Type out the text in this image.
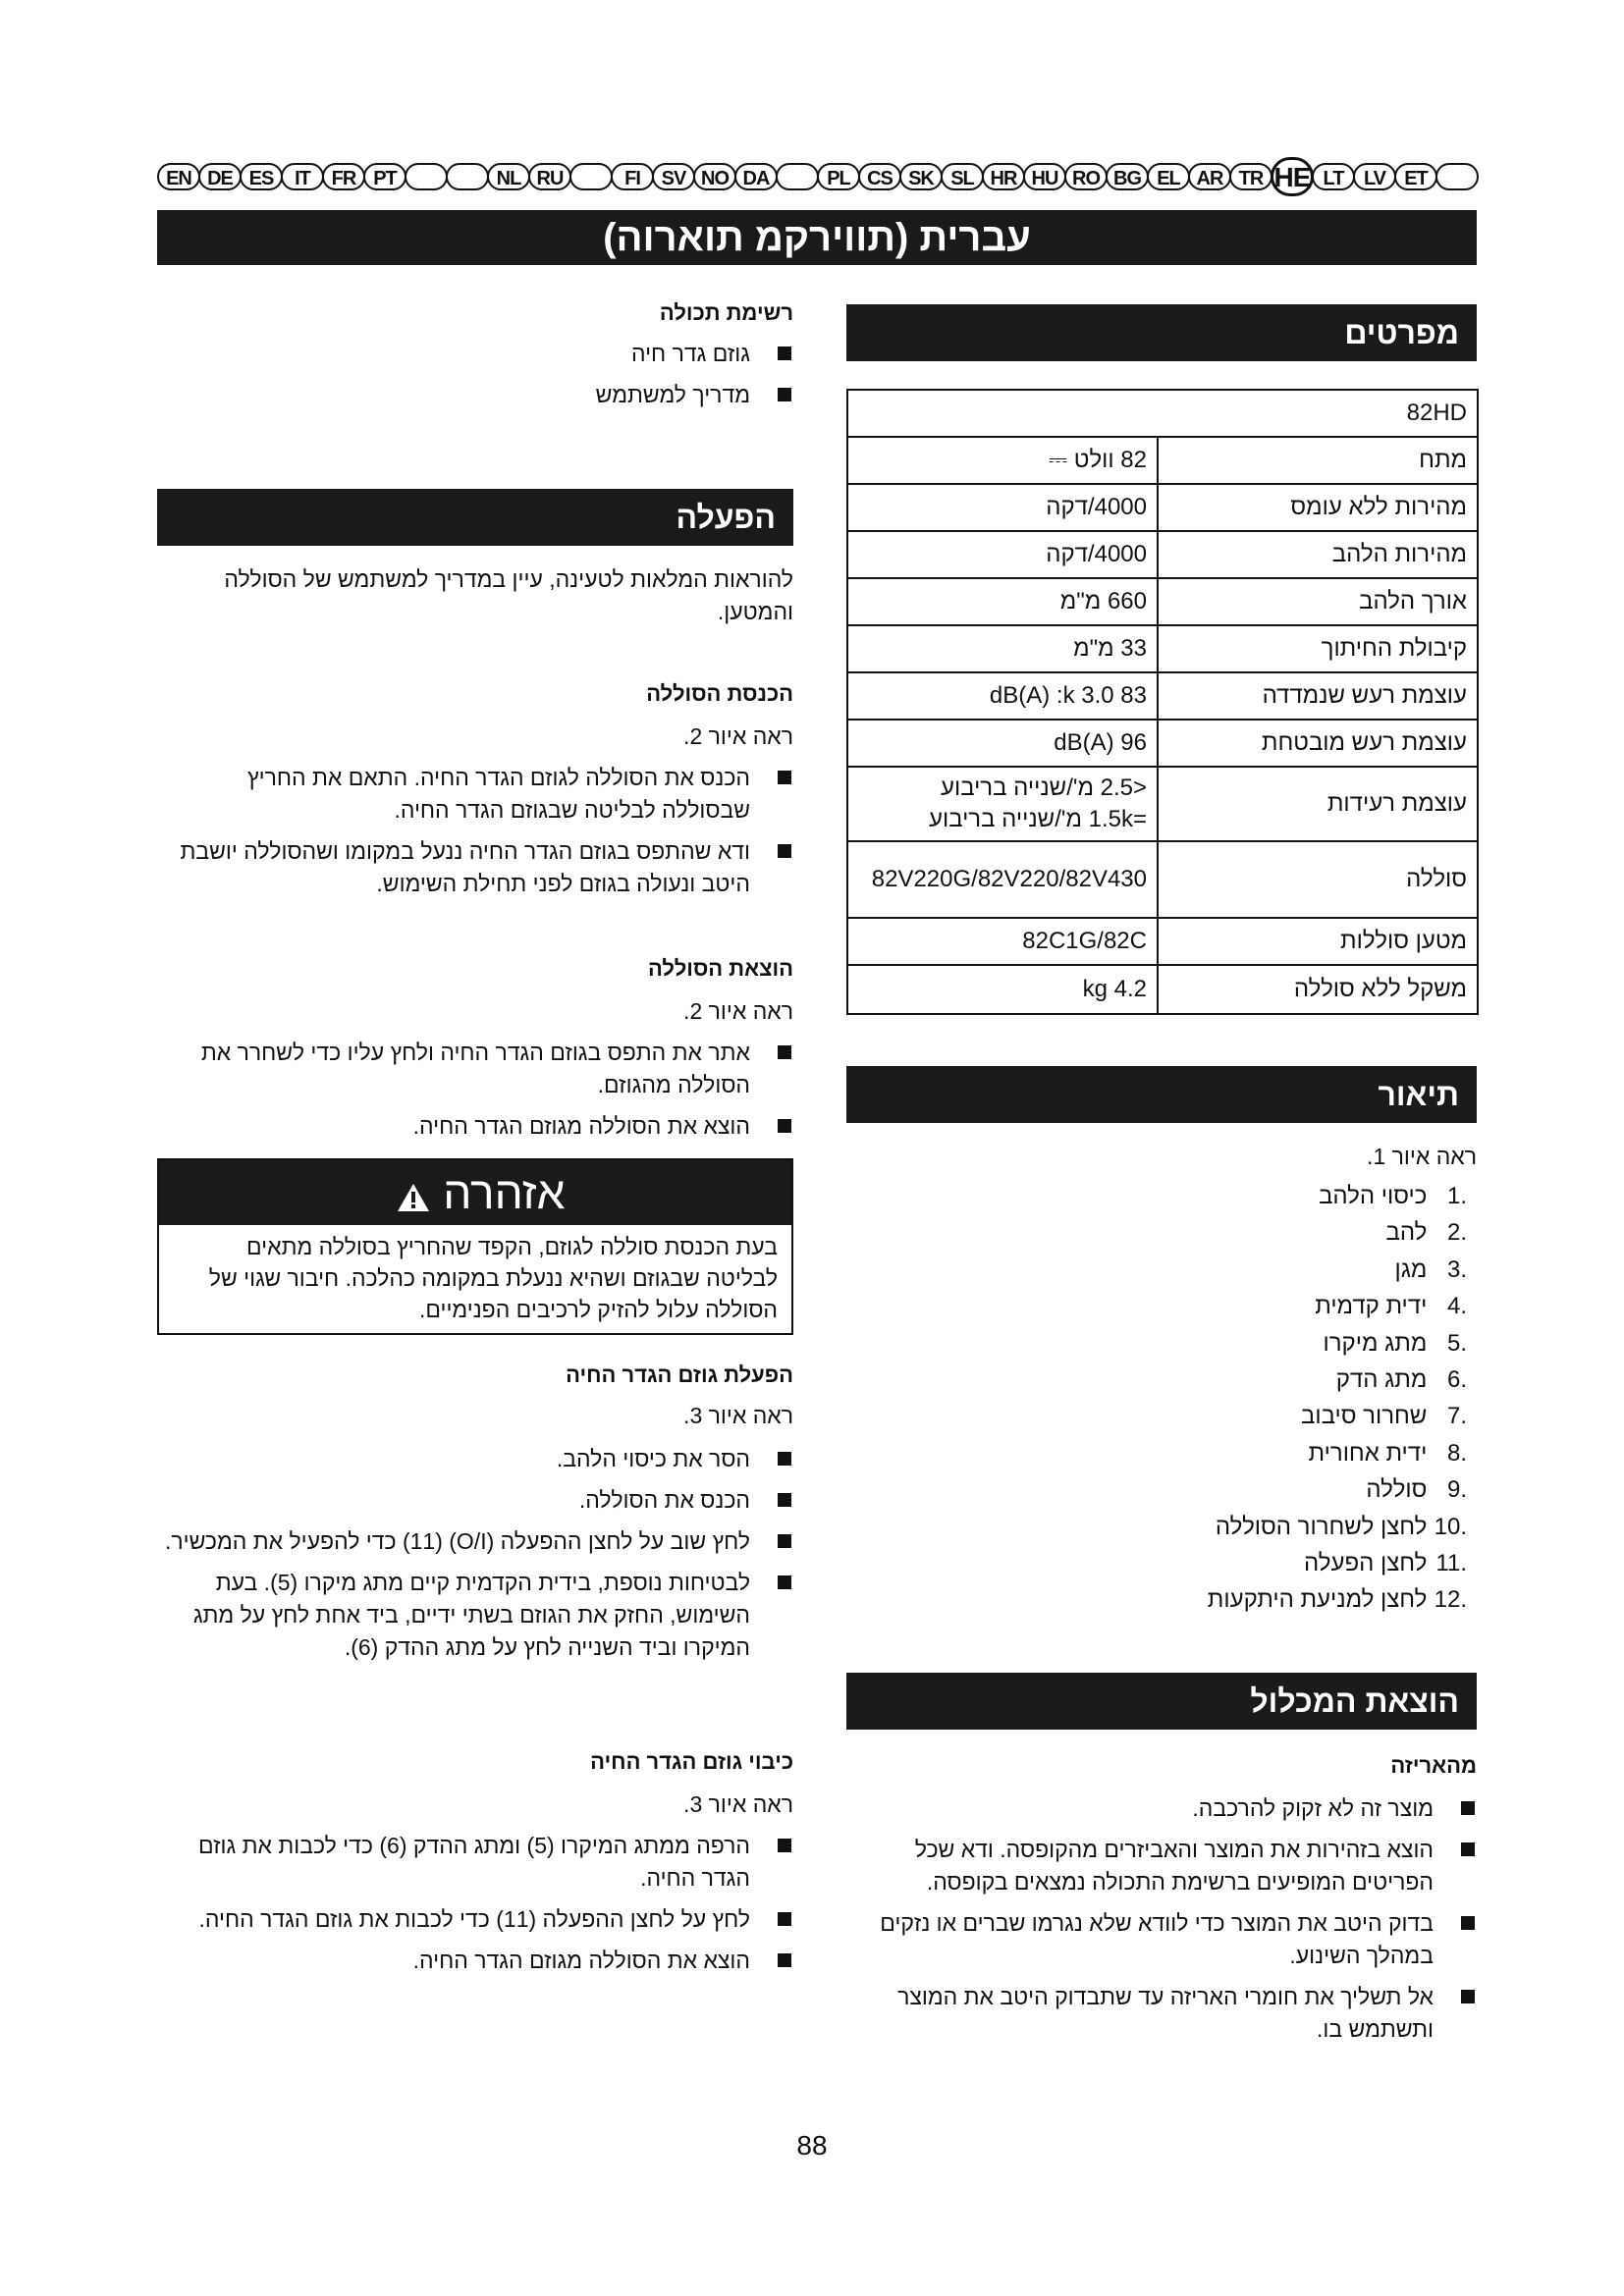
EN DE ES	IT	FR PT	NL RU	FI	SV NO DA	PL CS SK SL HR HU RO BG EL AR TR HE LT	LV ET
עברית (תווירקמ תוארוה)
מפרטים
82HD	
82 וולט ⎓	מתח
4000/דקה	מהירות ללא עומס
4000/דקה	מהירות הלהב
660 מ"מ	אורך הלהב
33 מ"מ	קיבולת החיתוך
83 dB(A) :k 3.0	עוצמת רעש שנמדדה
96 dB(A)	עוצמת רעש מובטחת
<2.5 מ'/שנייה בריבוע
=1.5k מ'/שנייה בריבוע	עוצמת רעידות
82V220G/82V220/82V430	סוללה
82C1G/82C	מטען סוללות
4.2 kg	משקל ללא סוללה
תיאור
ראה איור 1.
1. כיסוי הלהב
2. להב
3. מגן
4. ידית קדמית
5. מתג מיקרו
6. מתג הדק
7. שחרור סיבוב
8. ידית אחורית
9. סוללה
10. לחצן לשחרור הסוללה
11. לחצן הפעלה
12. לחצן למניעת היתקעות
הוצאת המכלול
מהאריזה
מוצר זה לא זקוק להרכבה.
הוצא בזהירות את המוצר והאביזרים מהקופסה. ודא שכל הפריטים המופיעים ברשימת התכולה נמצאים בקופסה.
בדוק היטב את המוצר כדי לוודא שלא נגרמו שברים או נזקים במהלך השינוע.
אל תשליך את חומרי האריזה עד שתבדוק היטב את המוצר ותשתמש בו.
רשימת תכולה
גוזם גדר חיה
מדריך למשתמש
הפעלה
להוראות המלאות לטעינה, עיין במדריך למשתמש של הסוללה והמטען.
הכנסת הסוללה
ראה איור 2.
הכנס את הסוללה לגוזם הגדר החיה. התאם את החריץ שבסוללה לבליטה שבגוזם הגדר החיה.
ודא שהתפס בגוזם הגדר החיה ננעל במקומו ושהסוללה יושבת היטב ונעולה בגוזם לפני תחילת השימוש.
הוצאת הסוללה
ראה איור 2.
אתר את התפס בגוזם הגדר החיה ולחץ עליו כדי לשחרר את הסוללה מהגוזם.
הוצא את הסוללה מגוזם הגדר החיה.
אזהרה
בעת הכנסת סוללה לגוזם, הקפד שהחריץ בסוללה מתאים לבליטה שבגוזם ושהיא ננעלת במקומה כהלכה. חיבור שגוי של הסוללה עלול להזיק לרכיבים הפנימיים.
הפעלת גוזם הגדר החיה
ראה איור 3.
הסר את כיסוי הלהב.
הכנס את הסוללה.
לחץ שוב על לחצן ההפעלה (O/I) (11) כדי להפעיל את המכשיר.
לבטיחות נוספת, בידית הקדמית קיים מתג מיקרו (5). בעת השימוש, החזק את הגוזם בשתי ידיים, ביד אחת לחץ על מתג המיקרו וביד השנייה לחץ על מתג ההדק (6).
כיבוי גוזם הגדר החיה
ראה איור 3.
הרפה ממתג המיקרו (5) ומתג ההדק (6) כדי לכבות את גוזם הגדר החיה.
לחץ על לחצן ההפעלה (11) כדי לכבות את גוזם הגדר החיה.
הוצא את הסוללה מגוזם הגדר החיה.
88
